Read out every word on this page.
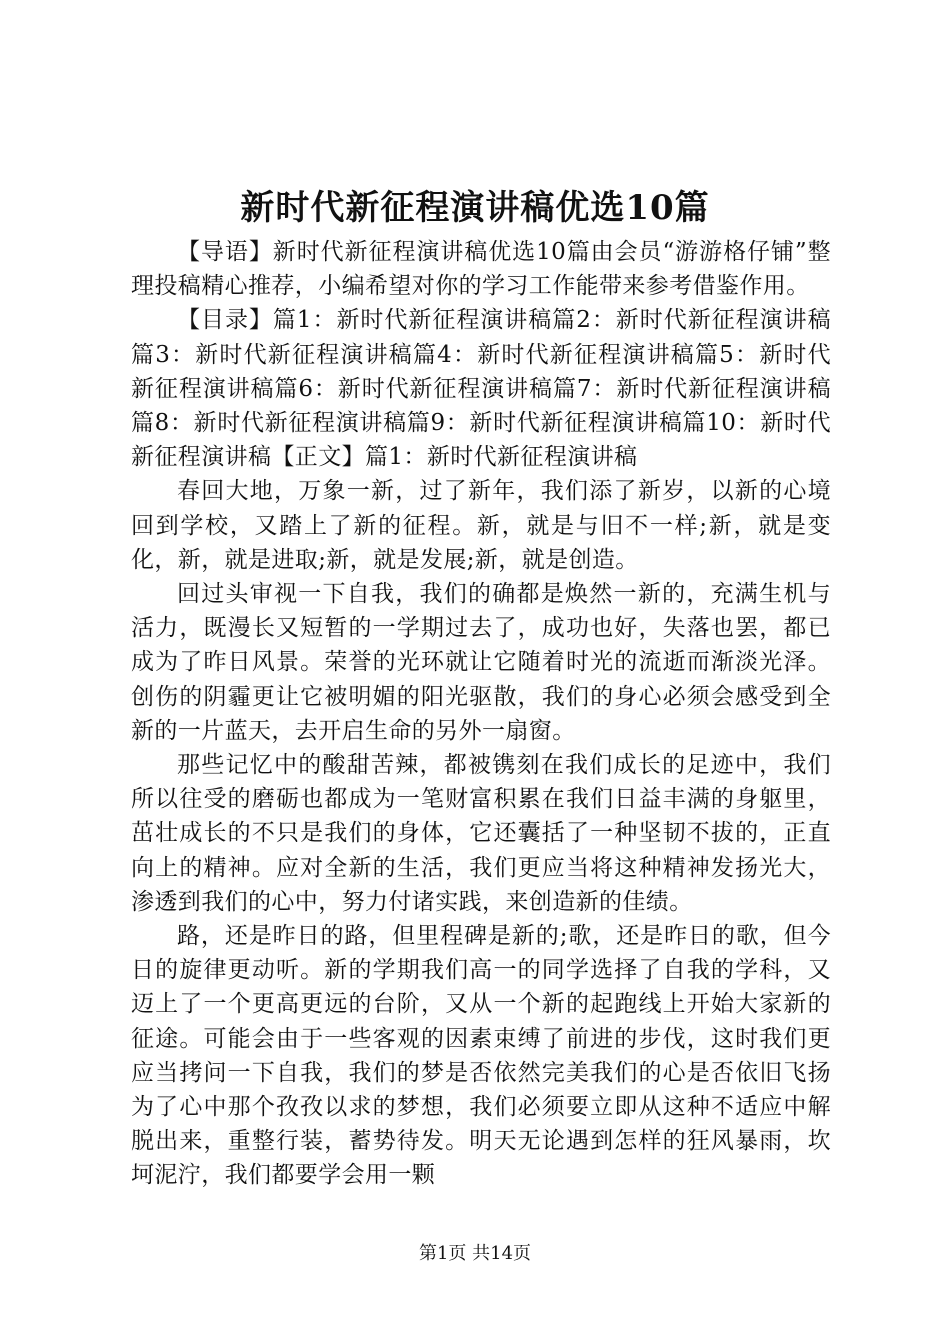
新时代新征程演讲稿优选10篇

【导语】新时代新征程演讲稿优选10篇由会员“游游格仔铺”整理投稿精心推荐，小编希望对你的学习工作能带来参考借鉴作用。

【目录】篇1：新时代新征程演讲稿篇2：新时代新征程演讲稿篇3：新时代新征程演讲稿篇4：新时代新征程演讲稿篇5：新时代新征程演讲稿篇6：新时代新征程演讲稿篇7：新时代新征程演讲稿篇8：新时代新征程演讲稿篇9：新时代新征程演讲稿篇10：新时代新征程演讲稿【正文】篇1：新时代新征程演讲稿

春回大地，万象一新，过了新年，我们添了新岁，以新的心境回到学校，又踏上了新的征程。新，就是与旧不一样;新，就是变化，新，就是进取;新，就是发展;新，就是创造。

回过头审视一下自我，我们的确都是焕然一新的，充满生机与活力，既漫长又短暂的一学期过去了，成功也好，失落也罢，都已成为了昨日风景。荣誉的光环就让它随着时光的流逝而渐淡光泽。创伤的阴霾更让它被明媚的阳光驱散，我们的身心必须会感受到全新的一片蓝天，去开启生命的另外一扇窗。

那些记忆中的酸甜苦辣，都被镌刻在我们成长的足迹中，我们所以往受的磨砺也都成为一笔财富积累在我们日益丰满的身躯里，茁壮成长的不只是我们的身体，它还囊括了一种坚韧不拔的，正直向上的精神。应对全新的生活，我们更应当将这种精神发扬光大，渗透到我们的心中，努力付诸实践，来创造新的佳绩。

路，还是昨日的路，但里程碑是新的;歌，还是昨日的歌，但今日的旋律更动听。新的学期我们高一的同学选择了自我的学科，又迈上了一个更高更远的台阶，又从一个新的起跑线上开始大家新的征途。可能会由于一些客观的因素束缚了前进的步伐，这时我们更应当拷问一下自我，我们的梦是否依然完美我们的心是否依旧飞扬为了心中那个孜孜以求的梦想，我们必须要立即从这种不适应中解脱出来，重整行装，蓄势待发。明天无论遇到怎样的狂风暴雨，坎坷泥泞，我们都要学会用一颗

第1页 共14页
